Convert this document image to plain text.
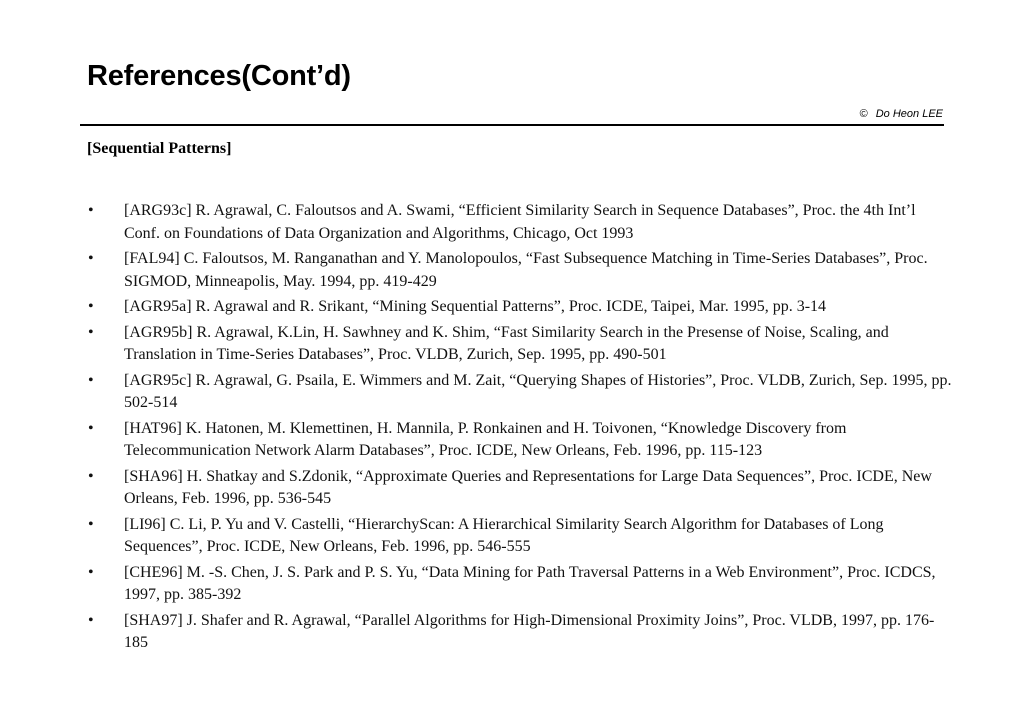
References(Cont’d)
© Do Heon LEE
[Sequential Patterns]
• [ARG93c] R. Agrawal, C. Faloutsos and A. Swami, “Efficient Similarity Search in Sequence Databases”, Proc. the 4th Int’l Conf. on Foundations of Data Organization and Algorithms, Chicago, Oct 1993
• [FAL94] C. Faloutsos, M. Ranganathan and Y. Manolopoulos, “Fast Subsequence Matching in Time-Series Databases”, Proc. SIGMOD, Minneapolis, May. 1994, pp. 419-429
• [AGR95a] R. Agrawal and R. Srikant, “Mining Sequential Patterns”, Proc. ICDE, Taipei, Mar. 1995, pp. 3-14
• [AGR95b] R. Agrawal, K.Lin, H. Sawhney and K. Shim, “Fast Similarity Search in the Presense of Noise, Scaling, and Translation in Time-Series Databases”, Proc. VLDB, Zurich, Sep. 1995, pp. 490-501
• [AGR95c] R. Agrawal, G. Psaila, E. Wimmers and M. Zait, “Querying Shapes of Histories”, Proc. VLDB, Zurich, Sep. 1995, pp. 502-514
• [HAT96] K. Hatonen, M. Klemettinen, H. Mannila, P. Ronkainen and H. Toivonen, “Knowledge Discovery from Telecommunication Network Alarm Databases”, Proc. ICDE, New Orleans, Feb. 1996, pp. 115-123
• [SHA96] H. Shatkay and S.Zdonik, “Approximate Queries and Representations for Large Data Sequences”, Proc. ICDE, New Orleans, Feb. 1996, pp. 536-545
• [LI96] C. Li, P. Yu and V. Castelli, “HierarchyScan: A Hierarchical Similarity Search Algorithm for Databases of Long Sequences”, Proc. ICDE, New Orleans, Feb. 1996, pp. 546-555
• [CHE96] M. -S. Chen, J. S. Park and P. S. Yu, “Data Mining for Path Traversal Patterns in a Web Environment”, Proc. ICDCS, 1997, pp. 385-392
• [SHA97] J. Shafer and R. Agrawal, “Parallel Algorithms for High-Dimensional Proximity Joins”, Proc. VLDB, 1997, pp. 176-185
